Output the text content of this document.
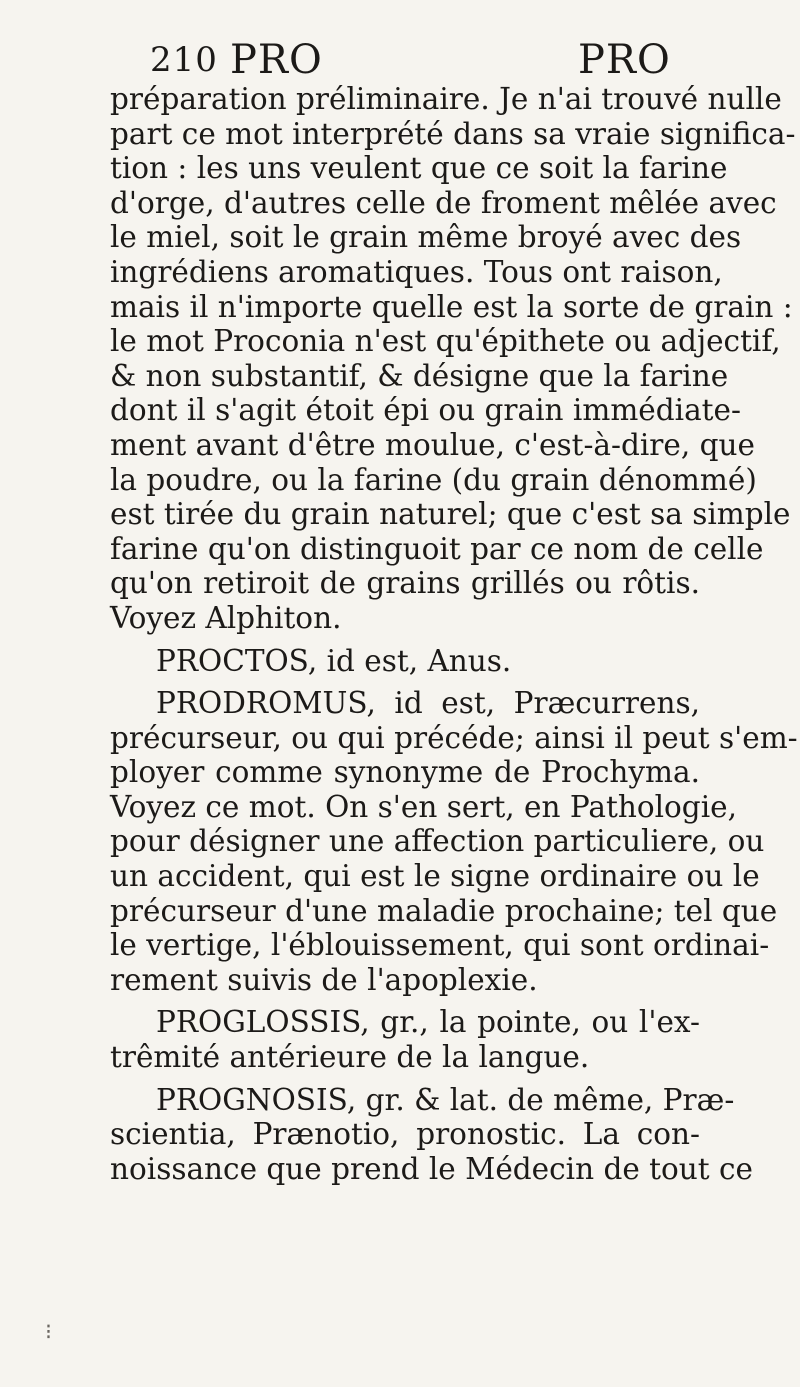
210 PRO	PRO
préparation préliminaire. Je n'ai trouvé nulle
part ce mot interprété dans sa vraie significa-
tion : les uns veulent que ce soit la farine
d'orge, d'autres celle de froment mêlée avec
le miel, soit le grain même broyé avec des
ingrédiens aromatiques. Tous ont raison,
mais il n'importe quelle est la sorte de grain :
le mot Proconia n'est qu'épithete ou adjectif,
& non substantif, & désigne que la farine
dont il s'agit étoit épi ou grain immédiate-
ment avant d'être moulue, c'est-à-dire, que
la poudre, ou la farine (du grain dénommé)
est tirée du grain naturel; que c'est sa simple
farine qu'on distinguoit par ce nom de celle
qu'on retiroit de grains grillés ou rôtis.
Voyez Alphiton.
PROCTOS, id est, Anus.
PRODROMUS, id est, Præcurrens,
précurseur, ou qui précéde; ainsi il peut s'em-
ployer comme synonyme de Prochyma.
Voyez ce mot. On s'en sert, en Pathologie,
pour désigner une affection particuliere, ou
un accident, qui est le signe ordinaire ou le
précurseur d'une maladie prochaine; tel que
le vertige, l'éblouissement, qui sont ordinai-
rement suivis de l'apoplexie.
PROGLOSSIS, gr., la pointe, ou l'ex-
trêmité antérieure de la langue.
PROGNOSIS, gr. & lat. de même, Præ-
scientia, Prænotio, pronostic. La con-
noissance que prend le Médecin de tout ce
⁝
